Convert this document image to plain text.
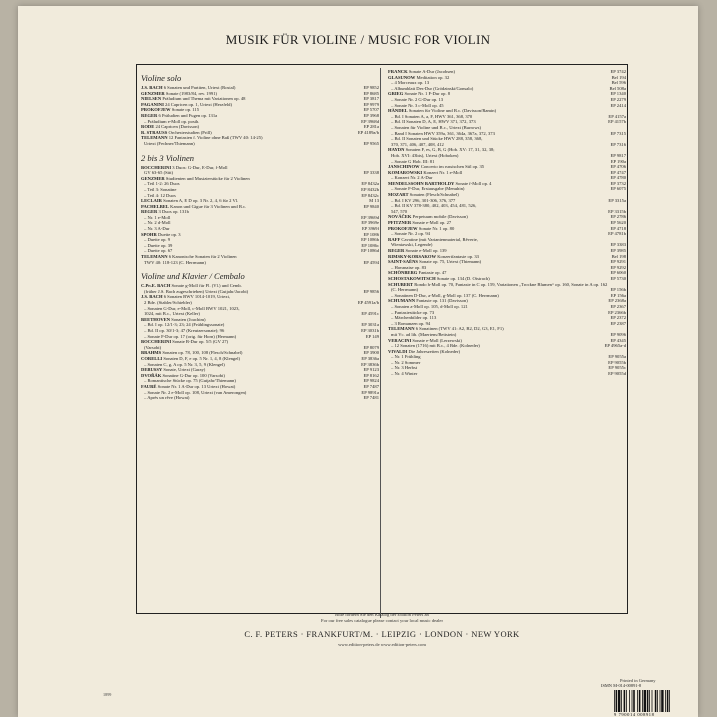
MUSIK FÜR VIOLINE / MUSIC FOR VIOLIN
Violine solo
J.S. BACH 6 Sonaten und Partiten, Urtext (Rostal)	EP 9852
GENZMER Sonate (1983/84, rev. 1991)	EP 8685
NIELSEN Präludium und Thema mit Variationen op. 48	EP 3817
PAGANINI 24 Capricen op. 1, Urtext (Herzfeld)	EP 9979
PROKOFJEW Sonate op. 115	EP 5707
REGER 6 Präludien und Fugen op. 131a	EP 3968
– Präludium e-Moll op. posth.	EP 3968d
RODE 24 Capricen (Davisson)	EP 281a
R. STRAUSS Orchesterstudien (Prill)	EP 4189a/b
TELEMANN 12 Fantasien f. Violine ohne Baß (TWV 40: 14-25)
Urtext (Fechner/Thiemann)	EP 9565
2 bis 3 Violinen
BOCCHERINI 3 Duos: G-Dur, E-Dur, f-Moll
GV 63-65 (Sitt)	EP 3338
GENZMER Studienten und Musizierstücke für 2 Violinen
– Teil 1-2: 26 Duos	EP 8432a
– Teil 3: Sonatine	EP 8432b
– Teil 4: 12 Duos	EP 8432c
LECLAIR Sonaten A, E D op. 3 Nr. 2, 4, 6 für 2 Vl.	M 13
PACHELBEL Kanon und Gigue für 3 Violinen und B.c.	EP 9840
REGER 3 Duos op. 131b
– Nr. 1 e-Moll	EP 3969d
– Nr. 2 d-Moll	EP 3969e
– Nr. 3 A-Dur	EP 3969f
SPOHR Duette op. 3	EP 1086
– Duette op. 9	EP 1086b
– Duette op. 39	EP 1086c
– Duette op. 67	EP 1086d
TELEMANN 6 Kanonische Sonaten für 2 Violinen
TWV 40: 118-123 (C. Herrmann)	EP 4594
Violine und Klavier / Cembalo
C.Ph.E. BACH Sonate g-Moll für Fl. (Vl.) und Cemb.
(früher J.S. Bach zugeschrieben) Urtext (Gutjahr/Jacobi)	EP 9856
J.S. BACH 6 Sonaten BWV 1014-1019, Urtext,
2 Bde. (Stabler/Schiebler)	EP 4591a/b
– Sonaten G-Dur, e-Moll, c-Moll BWV 1021, 1023,
1024, mit B.c., Urtext (Keller)	EP 4591c
BEETHOVEN Sonaten (Joachim)
– Bd. I op. 12/1-3; 23; 24 (Frühlingssonate)	EP 3031a
– Bd. II op. 30/1-3; 47 (Kreutzersonate); 96	EP 3031b
– Sonate F-Dur op. 17 (orig. für Horn) (Hermann)	EP 149
BOCCHERINI Sonate B-Dur op. 5/5 (GV 27)
(Varsobi)	EP 8079
BRAHMS Sonaten op. 78, 100, 108 (Flesch/Schnabel)	EP 3900
CORELLI Sonaten D, F, e op. 5 Nr. 1, 4, 8 (Klengel)	EP 3836a
– Sonaten C, g, A op. 5 Nr. 3, 5, 9 (Klengel)	EP 3836b
DEBUSSY Sonate, Urtext (Garay)	EP 9123
DVOŘÁK Sonatine G-Dur op. 100 (Varsobi)	EP 8162
– Romantische Stücke op. 75 (Gutjahr/Thiemann)	EP 9824
FAURÉ Sonate Nr. 1 A-Dur op. 13 Urtext (Howat)	EP 7487
– Sonate Nr. 2 e-Moll op. 108, Urtext (van Amerongen)	EP 9891a
– Après un rêve (Howat)	EP 7481
FRANCK Sonate A-Dur (Jacobsen)	EP 3742
GLASUNOW Meditation op. 32	Bel 194
– 4 Morceaux op. 13	Bel 596
– Albumblatt Des-Dur (Grödzinski/Gonsalo)	Bel 508a
GRIEG Sonate Nr. 1 F-Dur op. 8	EP 1340
– Sonate Nr. 2 G-Dur op. 13	EP 2279
– Sonate Nr. 3 c-Moll op. 45	EP 2414
HÄNDEL Sonaten für Violine und B.c. (Davisson/Ramin)
– Bd. I Sonaten A, a, F, HWV 361, 368, 370	EP 4157a
– Bd. II Sonaten D, A, E, HWV 371, 372, 373	EP 4157b
– Sonaten für Violine und B.c., Urtext (Burrows)
– Band I Sonaten HWV 359a, 361, 364a, 367a, 372, 373	EP 7315
– Bd. II Sonaten und Stücke HWV 288, 358, 368,
370, 371, 406, 407, 408, 412	EP 7316
HAYDN Sonaten F, es, G, B, G (Hob. XV: 17, 31, 32, 38;
Hob. XVI: 43bis), Urtext (Hoboken)	EP 9817
– Sonate G Hob. III: 81	EP 190a
JANSCHINOW Concerto im russischen Stil op. 35	EP 4706
KOMAROWSKI Konzert Nr. 1 e-Moll	EP 4747
– Konzert Nr. 2 A-Dur	EP 4780
MENDELSSOHN BARTHOLDY Sonate f-Moll op. 4	EP 3732
– Sonate F-Dur, Erstausgabe (Menuhin)	EP 6075
MOZART Sonaten (Flesch/Schnabel)
– Bd. I KV 296, 301-306, 376, 377	EP 3315a
– Bd. II KV 378-380, 402, 403, 454, 481, 526,
547, 570	EP 3315b
NOVÁČEK Perpetuum mobile (Davisson)	EP 2786
PFITZNER Sonate e-Moll op. 27	EP 5620
PROKOFJEW Sonate Nr. 1 op. 80	EP 4718
– Sonate Nr. 2 op. 94	EP 4781b
RAFF Cavatine (mit Variantenmaterial, Rêverie,
Wieniawski, Legende)	EP 3383
REGER Sonate e-Moll op. 139	EP 3985
RIMSKY-KORSAKOW Konzertfantasie op. 33	Bel 198
SAINT-SAËNS Sonate op. 75, Urtext (Thiemann)	EP 9291
– Havanaise op. 83	EP 9292
SCHÖNBERG Fantasie op. 47	EP 6060
SCHOSTAKOWITSCH Sonate op. 134 (D. Oistrach)	EP 5730
SCHUBERT Rondo h-Moll op. 70, Fantasie in C op. 159, Variationen „Trockne Blumen“ op. 160, Sonate in A op. 162
(C. Herrmann)	EP 156b
– Sonatinen D-Dur, a-Moll, g-Moll op. 137 (C. Herrmann)	EP 156a
SCHUMANN Fantasie op. 131 (Davisson)	EP 2368a
– Sonaten a-Moll op. 105, d-Moll op. 121	EP 2367
– Fantasiestücke op. 73	EP 2366b
– Märchenbilder op. 113	EP 2372
– 3 Romanzen op. 94	EP 2387
TELEMANN 6 Sonatinen (TWV 41: A2, B2, D2, G3, E1, F1)
mit Vc. ad lib. (Maertens/Bettstein)	EP 9096
VERACINI Sonate e-Moll (Lerzewski)	EP 4345
– 12 Sonaten (1716) mit B.c., 4 Bde. (Kolneder)	EP 4965a-d
VIVALDI Die Jahreszeiten (Kolneder)
– Nr. 1 Frühling	EP 9055a
– Nr. 2 Sommer	EP 9055b
– Nr. 3 Herbst	EP 9055c
– Nr. 4 Winter	EP 9055d
Bitte fordern Sie den Katalog der Edition Peters an
For our free sales catalogue please contact your local music dealer
C. F. PETERS · FRANKFURT/M. · LEIPZIG · LONDON · NEW YORK
www.edition-peters.de www.edition-peters.com
1899
Printed in Germany
ISMN M-014-00891-8
9 790014 008918
